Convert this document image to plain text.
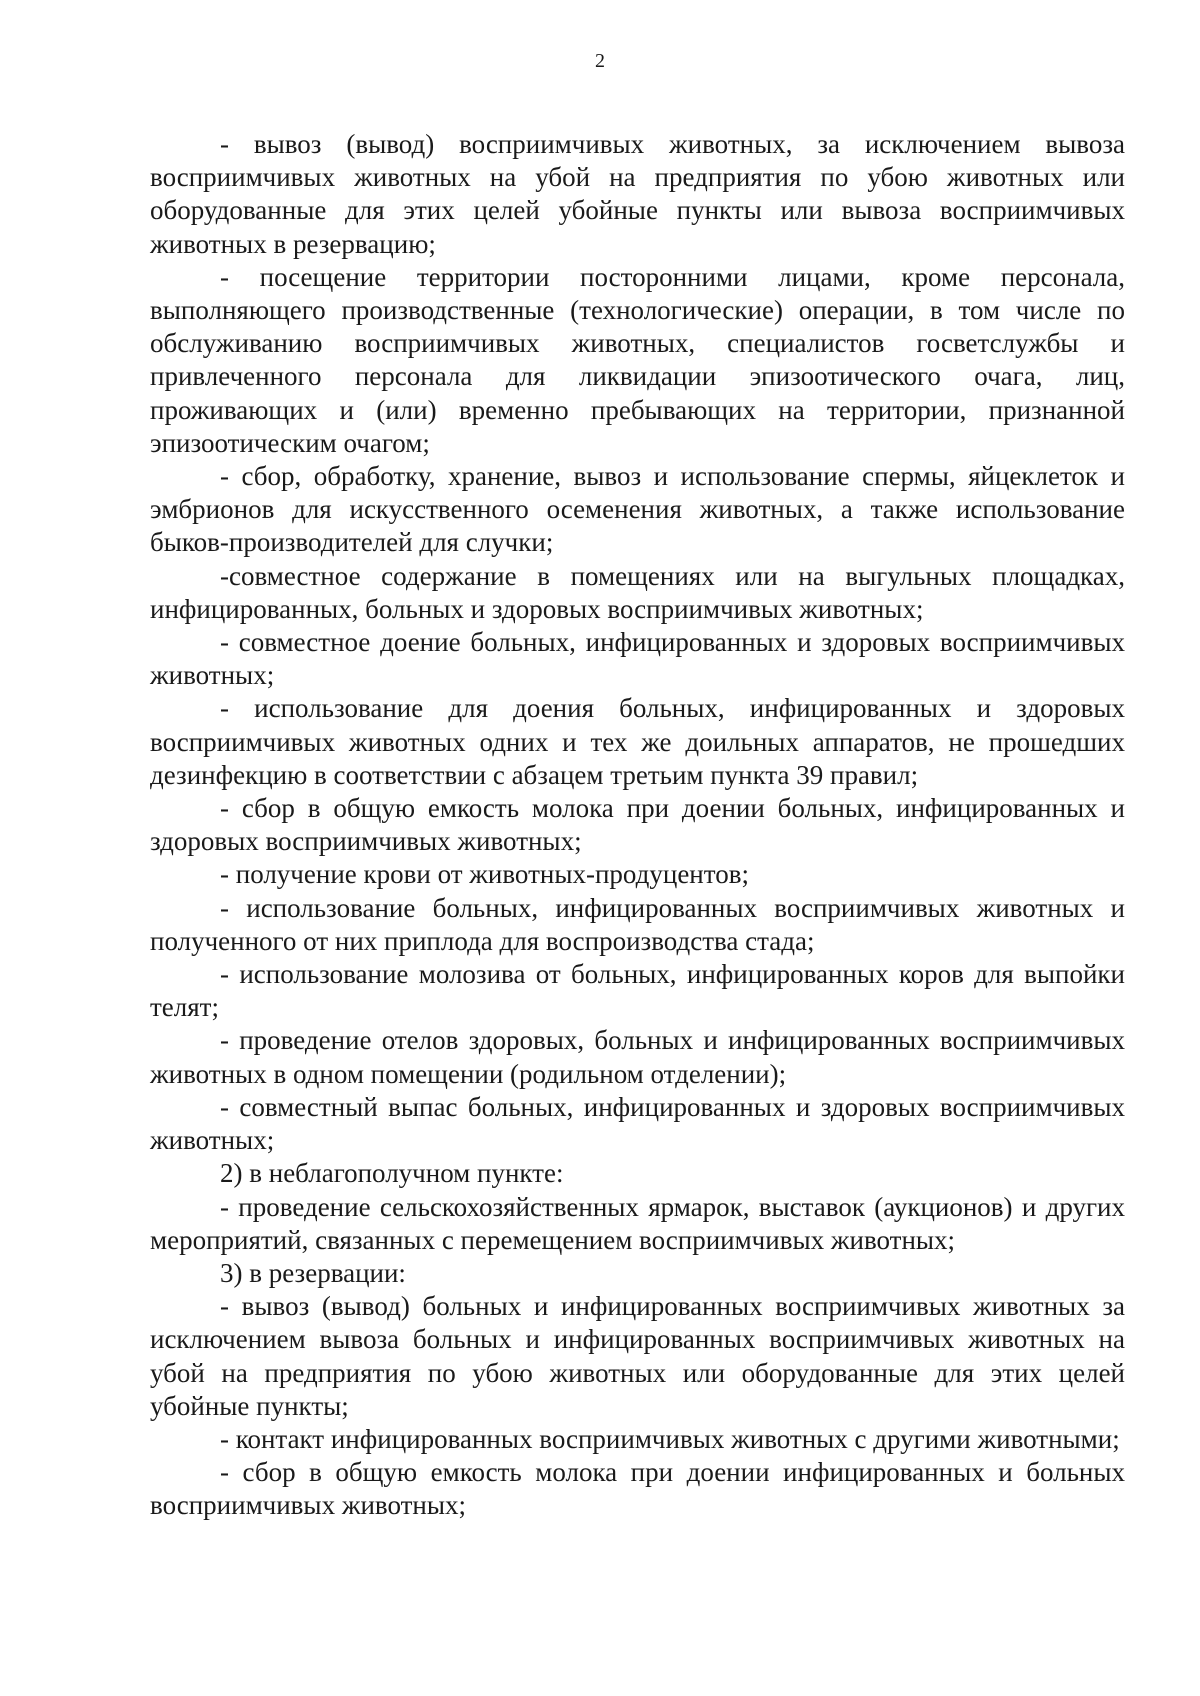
2

- вывоз (вывод) восприимчивых животных, за исключением вывоза восприимчивых животных на убой на предприятия по убою животных или оборудованные для этих целей убойные пункты или вывоза восприимчивых животных в резервацию;

- посещение территории посторонними лицами, кроме персонала, выполняющего производственные (технологические) операции, в том числе по обслуживанию восприимчивых животных, специалистов госветслужбы и привлеченного персонала для ликвидации эпизоотического очага, лиц, проживающих и (или) временно пребывающих на территории, признанной эпизоотическим очагом;

- сбор, обработку, хранение, вывоз и использование спермы, яйцеклеток и эмбрионов для искусственного осеменения животных, а также использование быков-производителей для случки;

-совместное содержание в помещениях или на выгульных площадках, инфицированных, больных и здоровых восприимчивых животных;

- совместное доение больных, инфицированных и здоровых восприимчивых животных;

- использование для доения больных, инфицированных и здоровых восприимчивых животных одних и тех же доильных аппаратов, не прошедших дезинфекцию в соответствии с абзацем третьим пункта 39 правил;

- сбор в общую емкость молока при доении больных, инфицированных и здоровых восприимчивых животных;

- получение крови от животных-продуцентов;

- использование больных, инфицированных восприимчивых животных и полученного от них приплода для воспроизводства стада;

- использование молозива от больных, инфицированных коров для выпойки телят;

- проведение отелов здоровых, больных и инфицированных восприимчивых животных в одном помещении (родильном отделении);

- совместный выпас больных, инфицированных и здоровых восприимчивых животных;

2) в неблагополучном пункте:

- проведение сельскохозяйственных ярмарок, выставок (аукционов) и других мероприятий, связанных с перемещением восприимчивых животных;

3) в резервации:

- вывоз (вывод) больных и инфицированных восприимчивых животных за исключением вывоза больных и инфицированных восприимчивых животных на убой на предприятия по убою животных или оборудованные для этих целей убойные пункты;

- контакт инфицированных восприимчивых животных с другими животными;

- сбор в общую емкость молока при доении инфицированных и больных восприимчивых животных;
